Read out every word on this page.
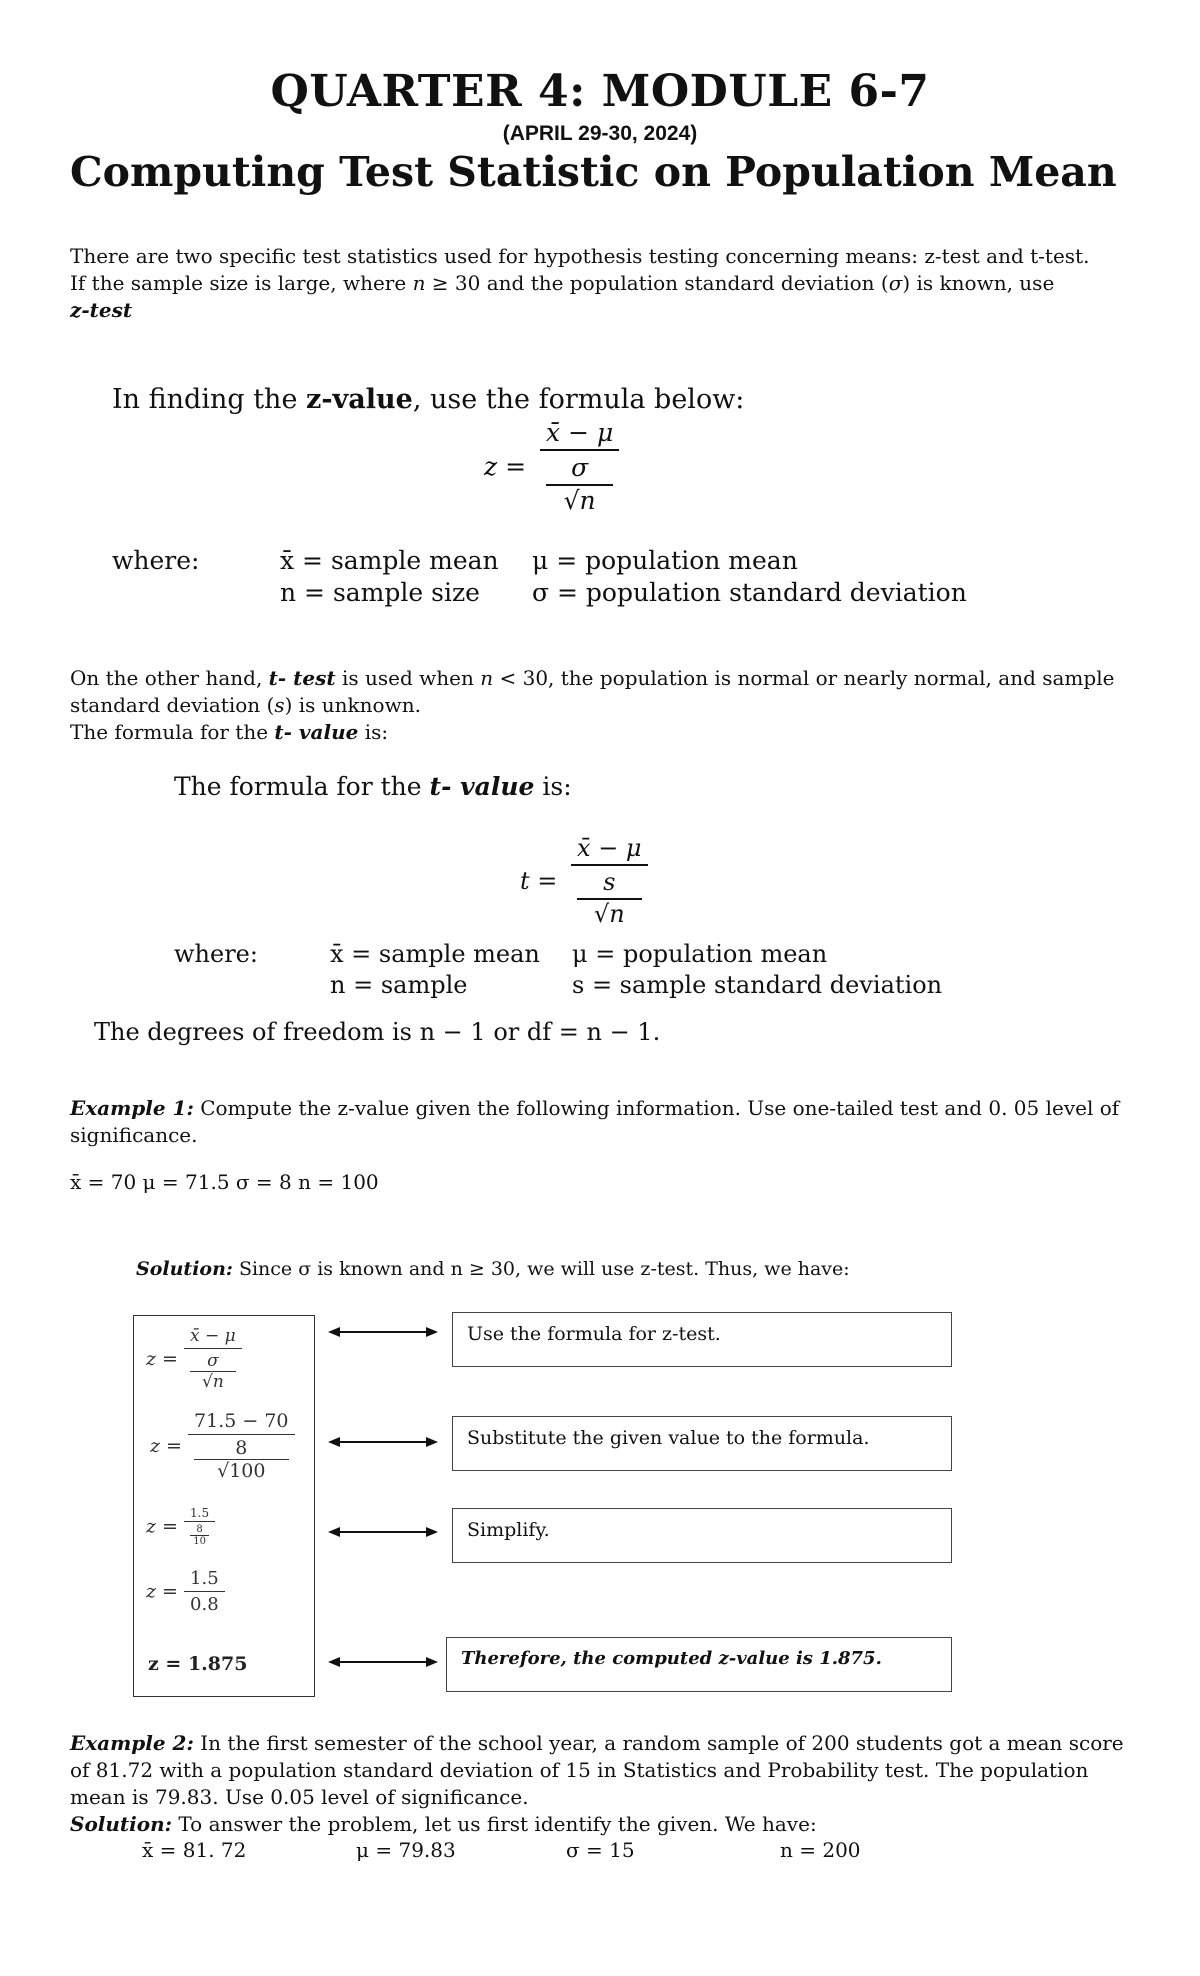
QUARTER 4: MODULE 6-7
(APRIL 29-30, 2024)
Computing Test Statistic on Population Mean
There are two specific test statistics used for hypothesis testing concerning means: z-test and t-test.
If the sample size is large, where n ≥ 30 and the population standard deviation (σ) is known, use
z-test
In finding the z-value, use the formula below:
z = x̄ − μ
σ
√n
where:	x̄ = sample mean μ = population mean
n = sample size σ = population standard deviation
On the other hand, t- test is used when n < 30, the population is normal or nearly normal, and sample standard deviation (s) is unknown.
The formula for the t- value is:
The formula for the t- value is:
t = x̄ − μ
s
√n
where:	x̄ = sample mean μ = population mean
n = sample	s = sample standard deviation
The degrees of freedom is n − 1 or df = n − 1.
Example 1: Compute the z-value given the following information. Use one-tailed test and 0. 05 level of significance.
x̄ = 70 μ = 71.5 σ = 8 n = 100
Solution: Since σ is known and n ≥ 30, we will use z-test. Thus, we have:
z = x̄ − μ
σ
√n
z = 71.5 − 70
8
√100
z = 1.5
8
10
$z = \frac{1.5}{0.8}$
z = 1.875
Use the formula for z-test.
Substitute the given value to the formula.
Simplify.
Therefore, the computed z-value is 1.875.
Example 2: In the first semester of the school year, a random sample of 200 students got a mean score of 81.72 with a population standard deviation of 15 in Statistics and Probability test. The population mean is 79.83. Use 0.05 level of significance.
Solution: To answer the problem, let us first identify the given. We have:
x̄ = 81. 72	μ = 79.83	σ = 15	n = 200
